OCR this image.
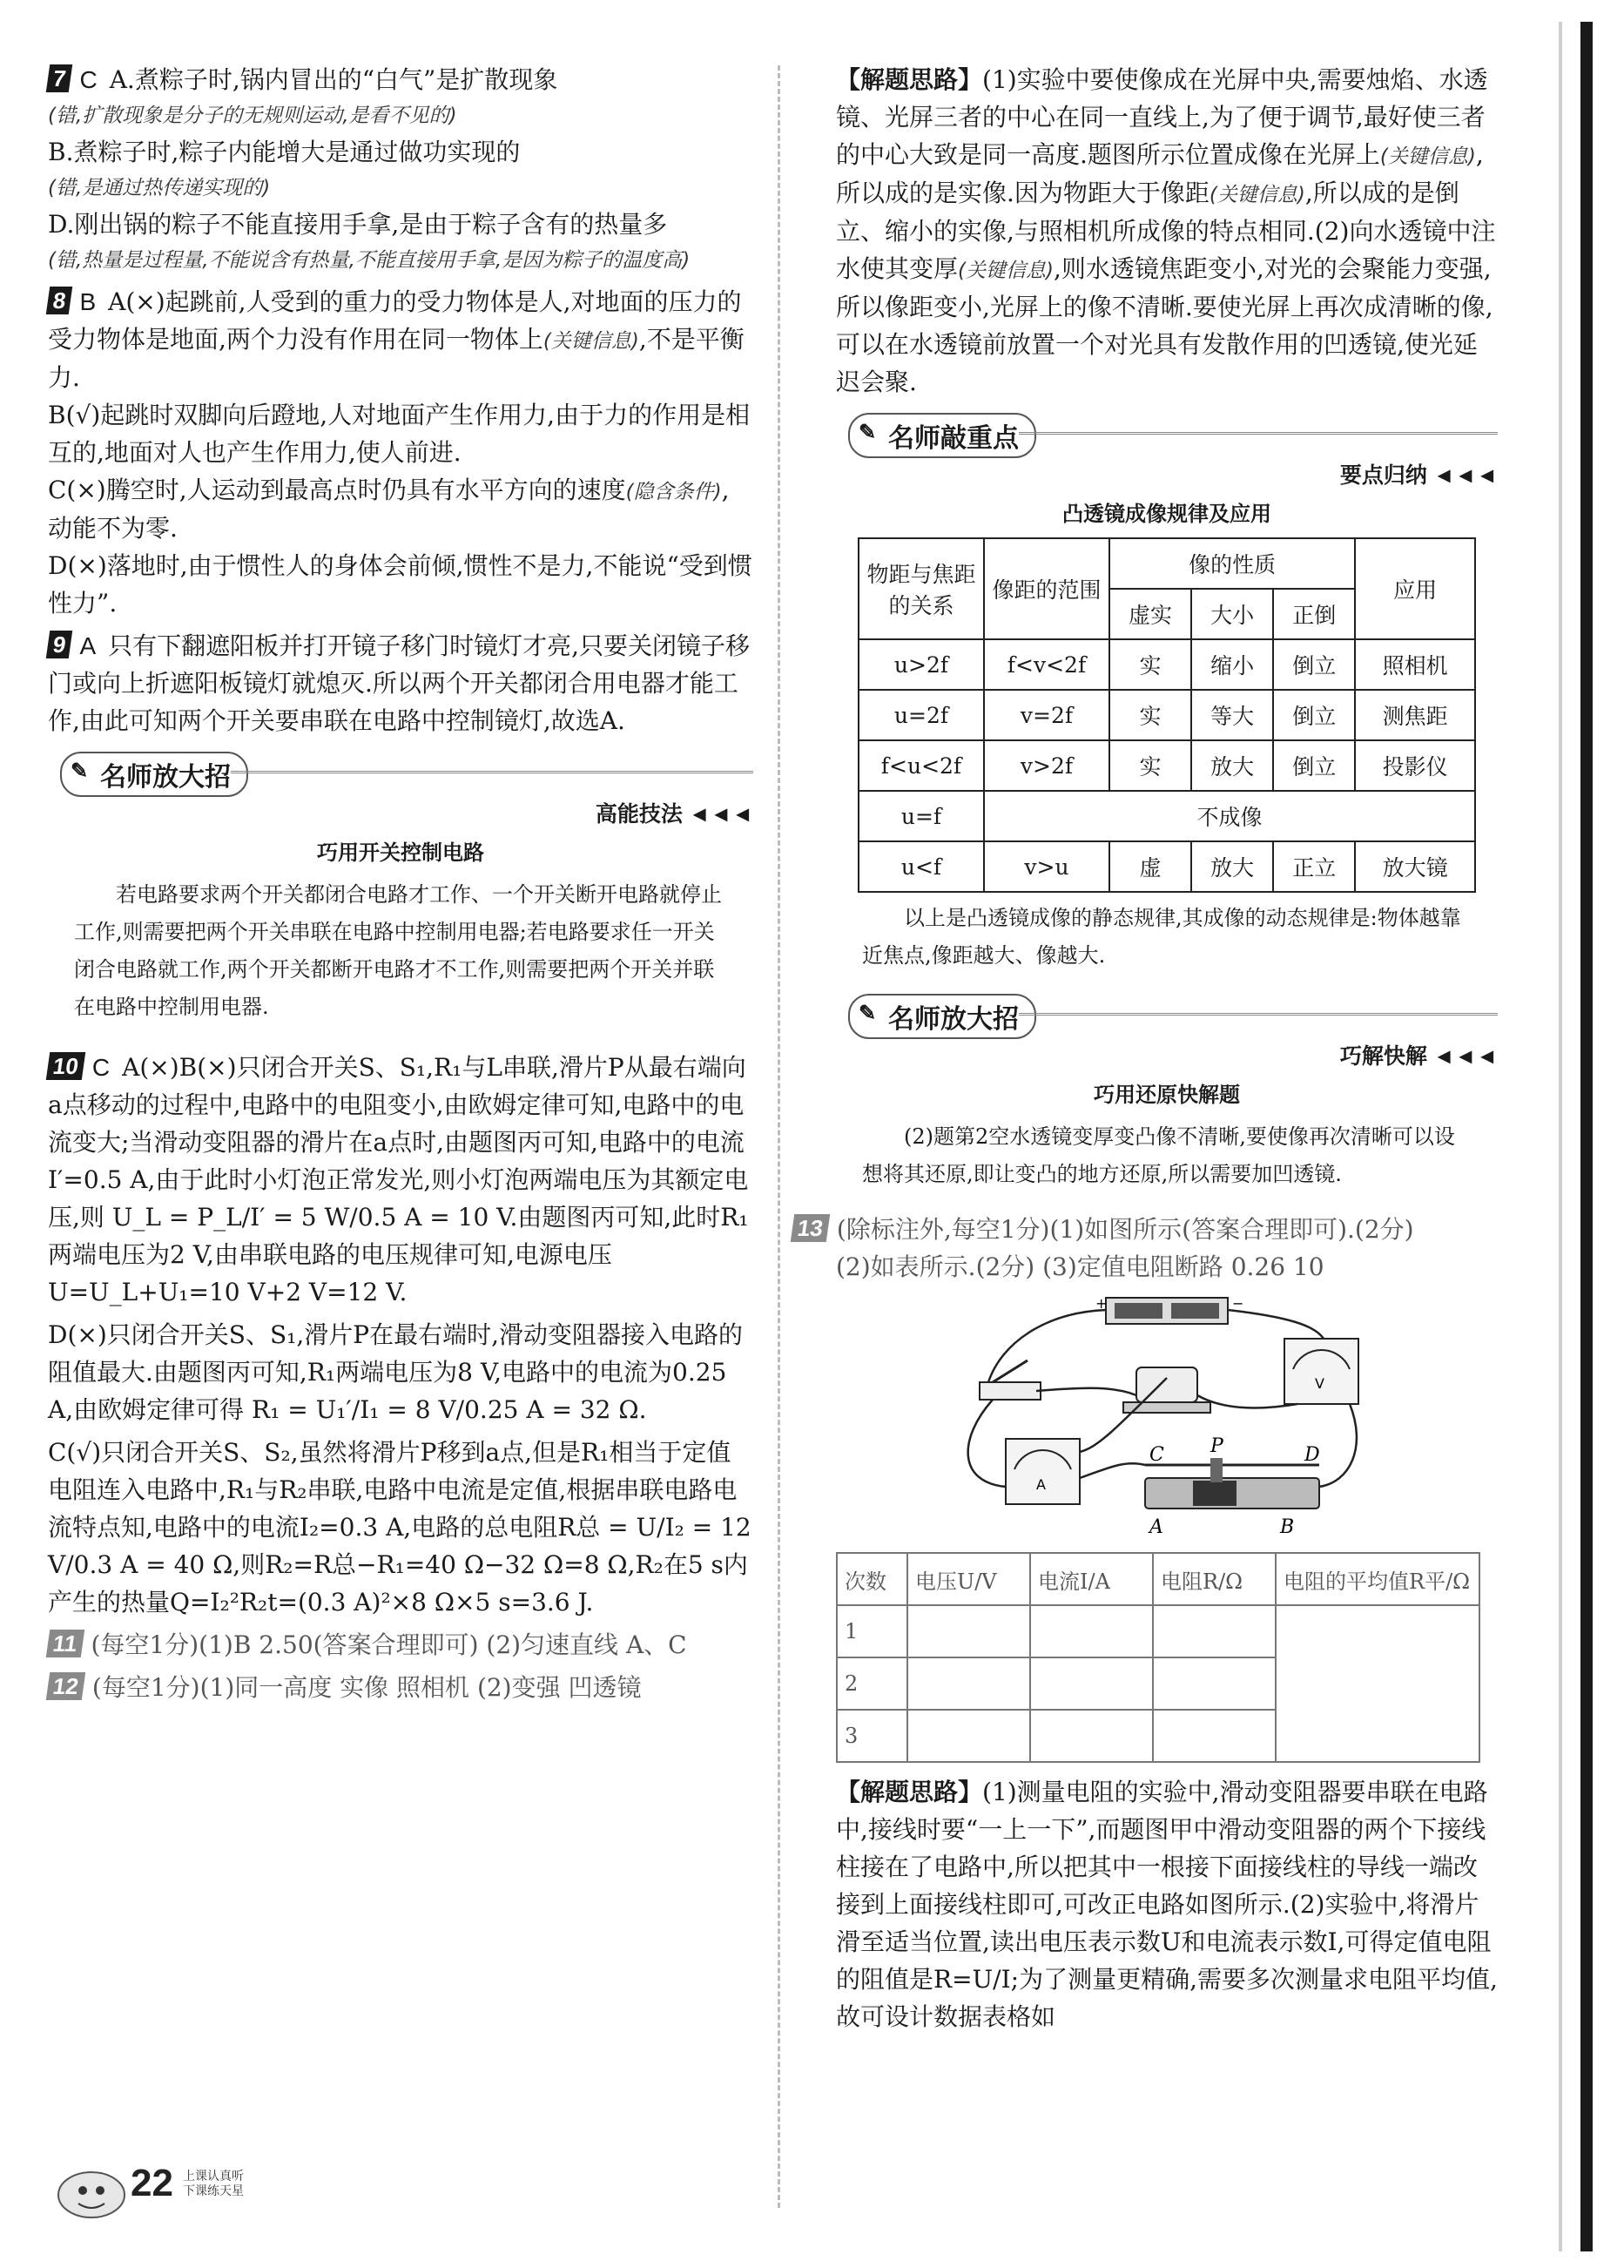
7 C A.煮粽子时,锅内冒出的“白气”是扩散现象

(错,扩散现象是分子的无规则运动,是看不见的)

B.煮粽子时,粽子内能增大是通过做功实现的

(错,是通过热传递实现的)

D.刚出锅的粽子不能直接用手拿,是由于粽子含有的热量多

(错,热量是过程量,不能说含有热量,不能直接用手拿,是因为粽子的温度高)

8 B A(×)起跳前,人受到的重力的受力物体是人,对地面的压力的受力物体是地面,两个力没有作用在同一物体上(关键信息),不是平衡力.

B(√)起跳时双脚向后蹬地,人对地面产生作用力,由于力的作用是相互的,地面对人也产生作用力,使人前进.

C(×)腾空时,人运动到最高点时仍具有水平方向的速度(隐含条件),动能不为零.

D(×)落地时,由于惯性人的身体会前倾,惯性不是力,不能说“受到惯性力”.

9 A 只有下翻遮阳板并打开镜子移门时镜灯才亮,只要关闭镜子移门或向上折遮阳板镜灯就熄灭.所以两个开关都闭合用电器才能工作,由此可知两个开关要串联在电路中控制镜灯,故选A.

✎ 名师放大招

高能技法 ◄◄◄

巧用开关控制电路

若电路要求两个开关都闭合电路才工作、一个开关断开电路就停止工作,则需要把两个开关串联在电路中控制用电器;若电路要求任一开关闭合电路就工作,两个开关都断开电路才不工作,则需要把两个开关并联在电路中控制用电器.

10 C A(×)B(×)只闭合开关S、S₁,R₁与L串联,滑片P从最右端向a点移动的过程中,电路中的电阻变小,由欧姆定律可知,电路中的电流变大;当滑动变阻器的滑片在a点时,由题图丙可知,电路中的电流I′=0.5 A,由于此时小灯泡正常发光,则小灯泡两端电压为其额定电压,则 U_L = P_L/I′ = 5 W/0.5 A = 10 V.由题图丙可知,此时R₁两端电压为2 V,由串联电路的电压规律可知,电源电压U=U_L+U₁=10 V+2 V=12 V.

D(×)只闭合开关S、S₁,滑片P在最右端时,滑动变阻器接入电路的阻值最大.由题图丙可知,R₁两端电压为8 V,电路中的电流为0.25 A,由欧姆定律可得 R₁ = U₁′/I₁ = 8 V/0.25 A = 32 Ω.

C(√)只闭合开关S、S₂,虽然将滑片P移到a点,但是R₁相当于定值电阻连入电路中,R₁与R₂串联,电路中电流是定值,根据串联电路电流特点知,电路中的电流I₂=0.3 A,电路的总电阻R总 = U/I₂ = 12 V/0.3 A = 40 Ω,则R₂=R总−R₁=40 Ω−32 Ω=8 Ω,R₂在5 s内产生的热量Q=I₂²R₂t=(0.3 A)²×8 Ω×5 s=3.6 J.

11 (每空1分)(1)B 2.50(答案合理即可) (2)匀速直线 A、C

12 (每空1分)(1)同一高度 实像 照相机 (2)变强 凹透镜

【解题思路】(1)实验中要使像成在光屏中央,需要烛焰、水透镜、光屏三者的中心在同一直线上,为了便于调节,最好使三者的中心大致是同一高度.题图所示位置成像在光屏上(关键信息),所以成的是实像.因为物距大于像距(关键信息),所以成的是倒立、缩小的实像,与照相机所成像的特点相同.(2)向水透镜中注水使其变厚(关键信息),则水透镜焦距变小,对光的会聚能力变强,所以像距变小,光屏上的像不清晰.要使光屏上再次成清晰的像,可以在水透镜前放置一个对光具有发散作用的凹透镜,使光延迟会聚.

✎ 名师敲重点

要点归纳 ◄◄◄

凸透镜成像规律及应用

物距与焦距的关系	像距的范围	像的性质			应用
		虚实	大小	正倒	
u>2f	f<v<2f	实	缩小	倒立	照相机
u=2f	v=2f	实	等大	倒立	测焦距
f<u<2f	v>2f	实	放大	倒立	投影仪
u=f	不成像				
u<f	v>u	虚	放大	正立	放大镜

以上是凸透镜成像的静态规律,其成像的动态规律是:物体越靠近焦点,像距越大、像越大.

✎ 名师放大招

巧解快解 ◄◄◄

巧用还原快解题

(2)题第2空水透镜变厚变凸像不清晰,要使像再次清晰可以设想将其还原,即让变凸的地方还原,所以需要加凹透镜.

13 (除标注外,每空1分)(1)如图所示(答案合理即可).(2分)

(2)如表所示.(2分) (3)定值电阻断路 0.26 10

+	−
V
A
C P	D
A	B
次数	电压U/V	电流I/A	电阻R/Ω	电阻的平均值R平/Ω
1				
2				
3				

【解题思路】(1)测量电阻的实验中,滑动变阻器要串联在电路中,接线时要“一上一下”,而题图甲中滑动变阻器的两个下接线柱接在了电路中,所以把其中一根接下面接线柱的导线一端改接到上面接线柱即可,可改正电路如图所示.(2)实验中,将滑片滑至适当位置,读出电压表示数U和电流表示数I,可得定值电阻的阻值是R=U/I;为了测量更精确,需要多次测量求电阻平均值,故可设计数据表格如

22 上课认真听
下课练天星
